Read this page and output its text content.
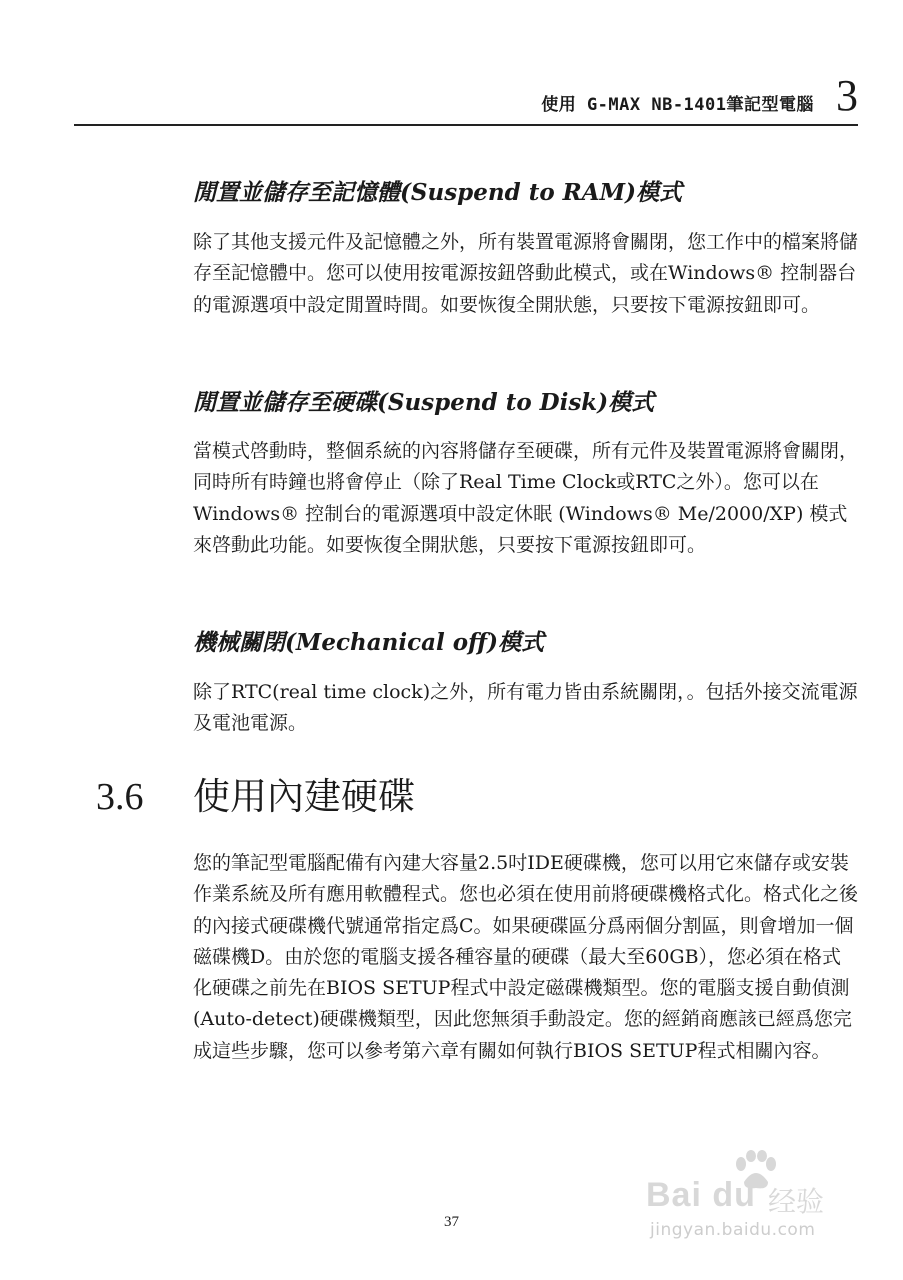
使用 G-MAX NB-1401筆記型電腦 3
閒置並儲存至記憶體(Suspend to RAM)模式
除了其他支援元件及記憶體之外，所有裝置電源將會關閉，您工作中的檔案將儲存至記憶體中。您可以使用按電源按鈕啓動此模式，或在Windows® 控制器台的電源選項中設定閒置時間。如要恢復全開狀態，只要按下電源按鈕即可。
閒置並儲存至硬碟(Suspend to Disk)模式
當模式啓動時，整個系統的內容將儲存至硬碟，所有元件及裝置電源將會關閉，同時所有時鐘也將會停止（除了Real Time Clock或RTC之外）。您可以在 Windows® 控制台的電源選項中設定休眠 (Windows® Me/2000/XP) 模式來啓動此功能。如要恢復全開狀態，只要按下電源按鈕即可。
機械關閉(Mechanical off)模式
除了RTC(real time clock)之外，所有電力皆由系統關閉，。包括外接交流電源及電池電源。
3.6 使用內建硬碟
您的筆記型電腦配備有內建大容量2.5吋IDE硬碟機，您可以用它來儲存或安裝作業系統及所有應用軟體程式。您也必須在使用前將硬碟機格式化。格式化之後的內接式硬碟機代號通常指定爲C。如果硬碟區分爲兩個分割區，則會增加一個磁碟機D。由於您的電腦支援各種容量的硬碟（最大至60GB），您必須在格式化硬碟之前先在BIOS SETUP程式中設定磁碟機類型。您的電腦支援自動偵測(Auto-detect)硬碟機類型，因此您無須手動設定。您的經銷商應該已經爲您完成這些步驟，您可以參考第六章有關如何執行BIOS SETUP程式相關內容。
37
Bai du 经验
jingyan.baidu.com
